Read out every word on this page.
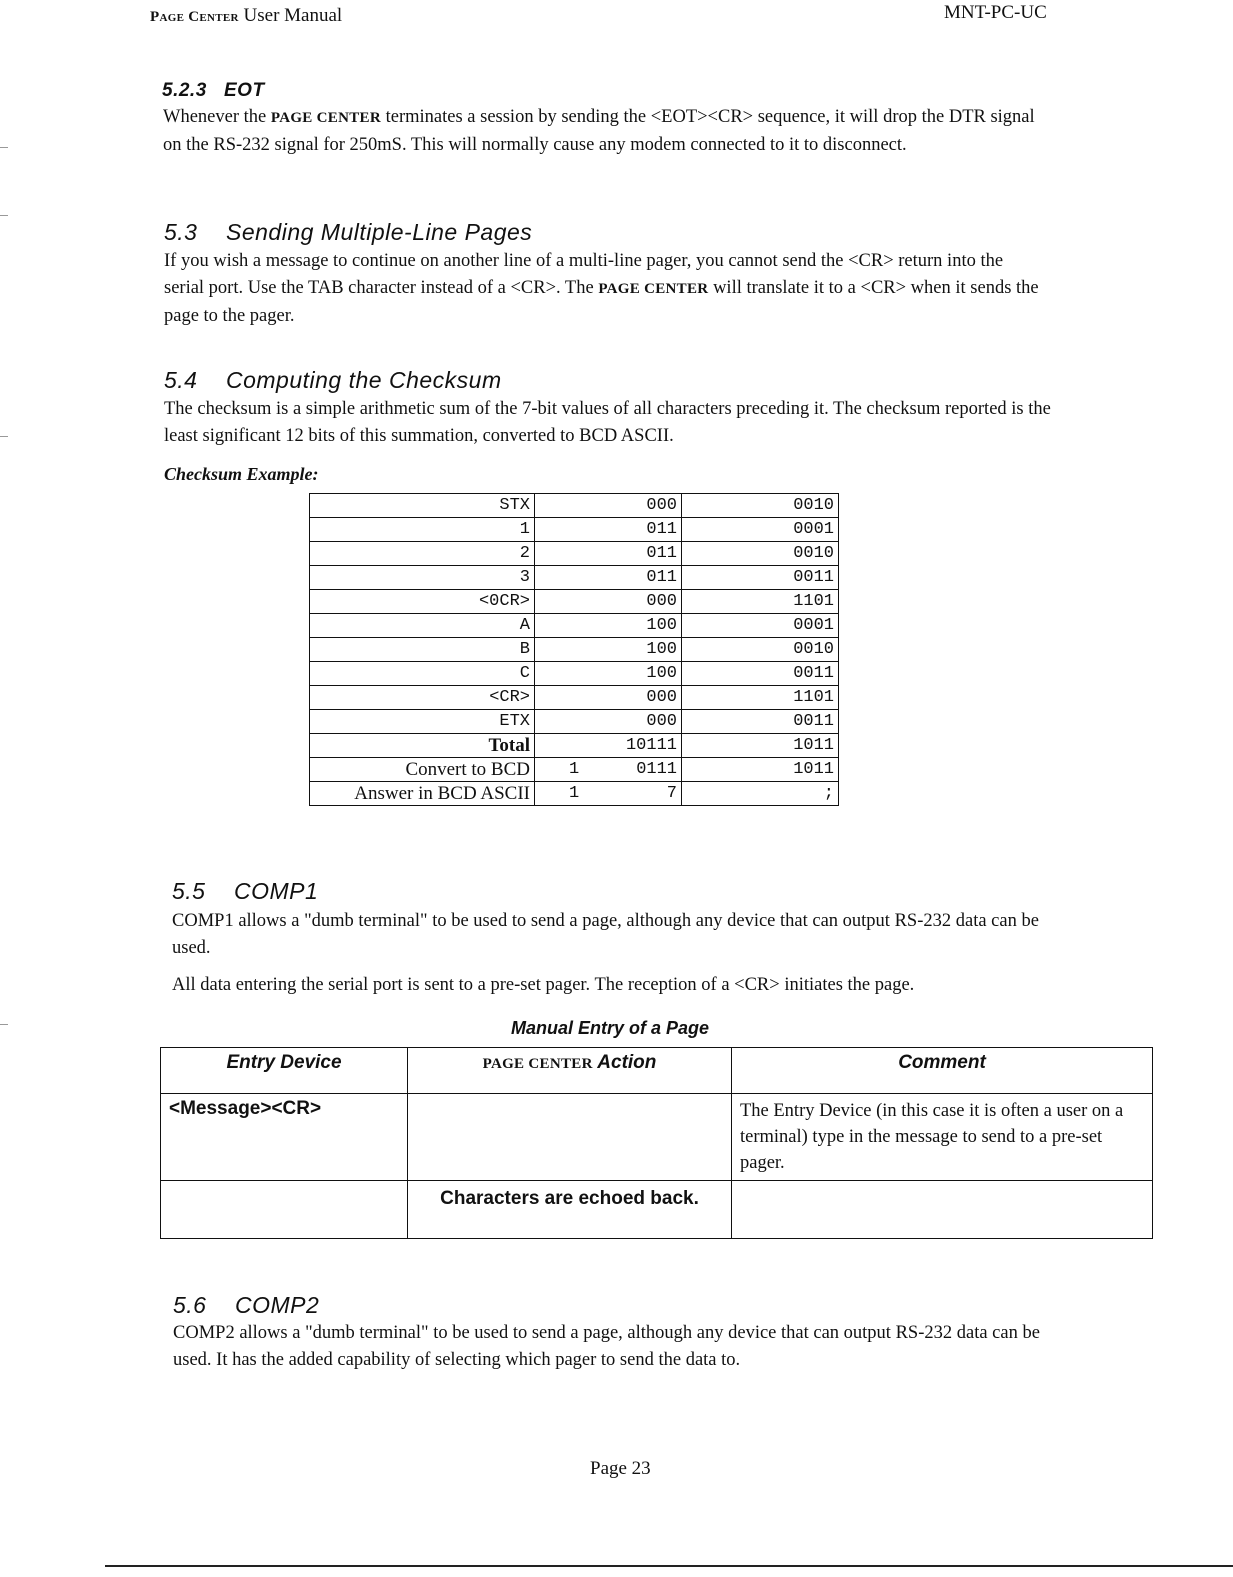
Page Center User Manual	MNT-PC-UC
5.2.3 EOT
Whenever the PAGE CENTER terminates a session by sending the <EOT><CR> sequence, it will drop the DTR signal on the RS-232 signal for 250mS. This will normally cause any modem connected to it to disconnect.
5.3 Sending Multiple-Line Pages
If you wish a message to continue on another line of a multi-line pager, you cannot send the <CR> return into the serial port. Use the TAB character instead of a <CR>. The PAGE CENTER will translate it to a <CR> when it sends the page to the pager.
5.4 Computing the Checksum
The checksum is a simple arithmetic sum of the 7-bit values of all characters preceding it. The checksum reported is the least significant 12 bits of this summation, converted to BCD ASCII.
Checksum Example:
STX	000	0010
1	011	0001
2	011	0010
3	011	0011
<0CR>	000	1101
A	100	0001
B	100	0010
C	100	0011
<CR>	000	1101
ETX	000	0011
Total	10111	1011
Convert to BCD	1 0111	1011
Answer in BCD ASCII	1 7	;
5.5 COMP1

COMP1 allows a "dumb terminal" to be used to send a page, although any device that can output RS-232 data can be used.

All data entering the serial port is sent to a pre-set pager. The reception of a <CR> initiates the page.

Manual Entry of a Page
Entry Device	PAGE CENTER Action	Comment
<Message><CR>		The Entry Device (in this case it is often a user on a terminal) type in the message to send to a pre-set pager.
	Characters are echoed back.	
5.6 COMP2
COMP2 allows a "dumb terminal" to be used to send a page, although any device that can output RS-232 data can be used. It has the added capability of selecting which pager to send the data to.
Page 23
